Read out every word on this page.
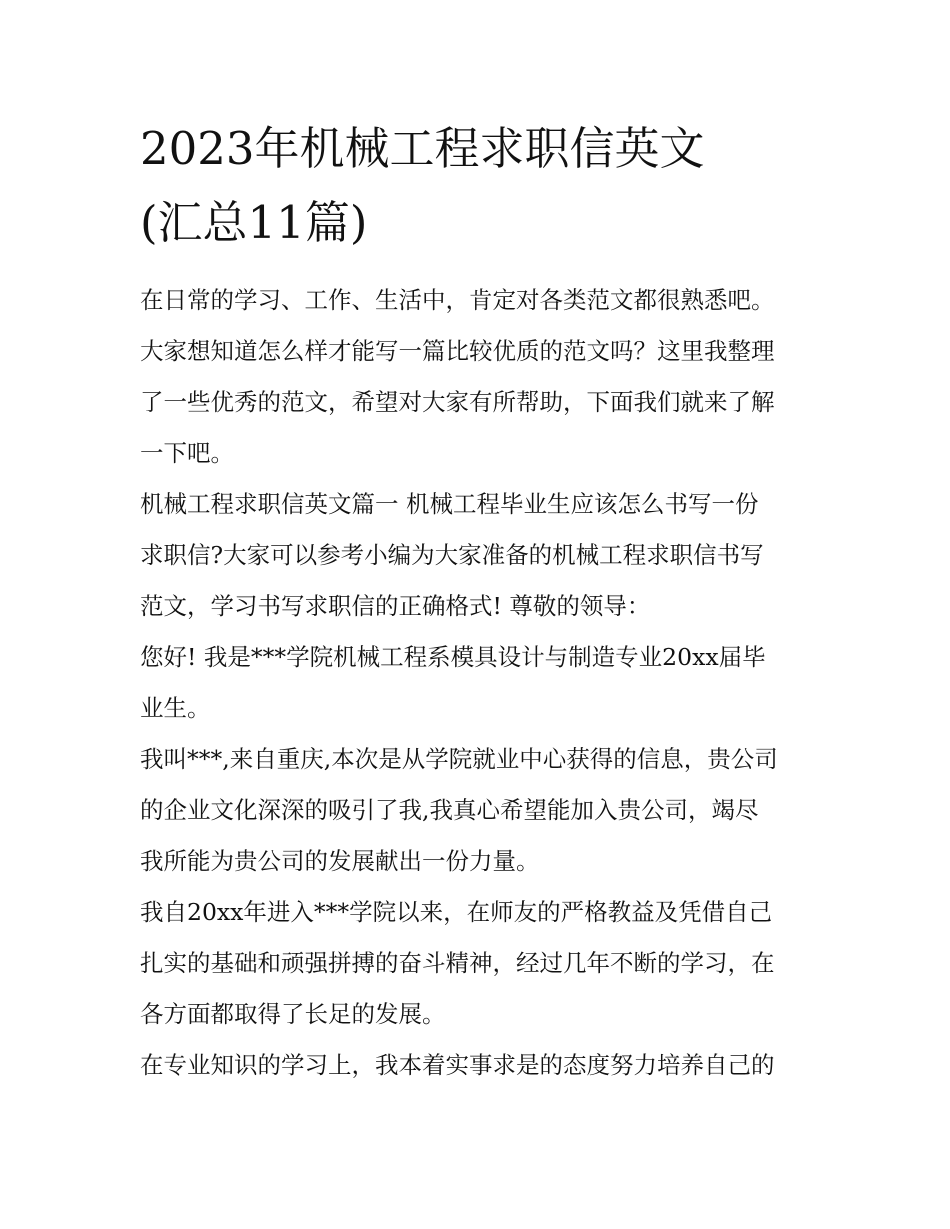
2023年机械工程求职信英文
(汇总11篇)

在日常的学习、工作、生活中，肯定对各类范文都很熟悉吧。
大家想知道怎么样才能写一篇比较优质的范文吗？这里我整理
了一些优秀的范文，希望对大家有所帮助，下面我们就来了解
一下吧。

机械工程求职信英文篇一 机械工程毕业生应该怎么书写一份
求职信?大家可以参考小编为大家准备的机械工程求职信书写
范文，学习书写求职信的正确格式! 尊敬的领导：

您好! 我是***学院机械工程系模具设计与制造专业20xx届毕
业生。

我叫***,来自重庆,本次是从学院就业中心获得的信息，贵公司
的企业文化深深的吸引了我,我真心希望能加入贵公司，竭尽
我所能为贵公司的发展献出一份力量。

我自20xx年进入***学院以来，在师友的严格教益及凭借自己
扎实的基础和顽强拼搏的奋斗精神，经过几年不断的学习，在
各方面都取得了长足的发展。

在专业知识的学习上，我本着实事求是的态度努力培养自己的
